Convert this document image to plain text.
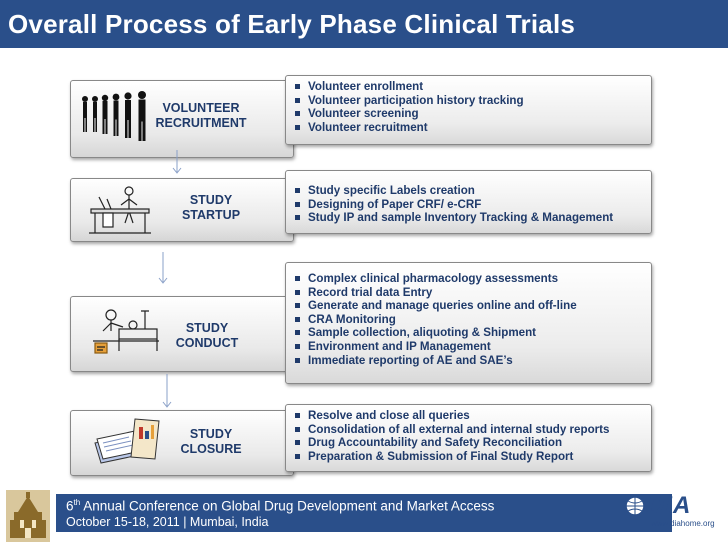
Overall Process of Early Phase Clinical Trials
VOLUNTEER
RECRUITMENT
Volunteer enrollment
Volunteer participation history tracking
Volunteer screening
Volunteer recruitment
STUDY
STARTUP
Study specific Labels creation
Designing of Paper CRF/ e-CRF
Study IP and sample Inventory Tracking & Management
STUDY
CONDUCT
Complex clinical pharmacology assessments
Record trial data Entry
Generate and manage queries online and off-line
CRA Monitoring
Sample collection, aliquoting & Shipment
Environment and IP Management
Immediate reporting of AE and SAE’s
STUDY
CLOSURE
Resolve and close all queries
Consolidation of all external and internal study reports
Drug Accountability and Safety Reconciliation
Preparation & Submission of Final Study Report
6th Annual Conference on Global Drug Development and Market Access
October 15-18, 2011 | Mumbai, India
DIA
www.diahome.org
